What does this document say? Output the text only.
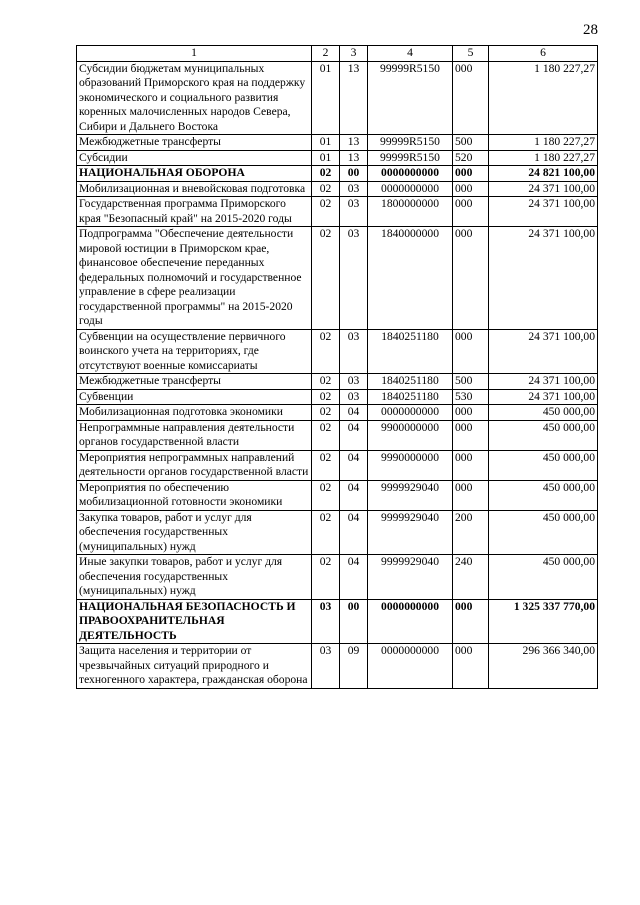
28
1	2	3	4	5	6
Субсидии бюджетам муниципальных образований Приморского края на поддержку экономического и социального развития коренных малочисленных народов Севера, Сибири и Дальнего Востока	01	13	99999R5150	000	1 180 227,27
Межбюджетные трансферты	01	13	99999R5150	500	1 180 227,27
Субсидии	01	13	99999R5150	520	1 180 227,27
НАЦИОНАЛЬНАЯ ОБОРОНА	02	00	0000000000	000	24 821 100,00
Мобилизационная и вневойсковая подготовка	02	03	0000000000	000	24 371 100,00
Государственная программа Приморского края "Безопасный край" на 2015-2020 годы	02	03	1800000000	000	24 371 100,00
Подпрограмма "Обеспечение деятельности мировой юстиции в Приморском крае, финансовое обеспечение переданных федеральных полномочий и государственное управление в сфере реализации государственной программы" на 2015-2020 годы	02	03	1840000000	000	24 371 100,00
Субвенции на осуществление первичного воинского учета на территориях, где отсутствуют военные комиссариаты	02	03	1840251180	000	24 371 100,00
Межбюджетные трансферты	02	03	1840251180	500	24 371 100,00
Субвенции	02	03	1840251180	530	24 371 100,00
Мобилизационная подготовка экономики	02	04	0000000000	000	450 000,00
Непрограммные направления деятельности органов государственной власти	02	04	9900000000	000	450 000,00
Мероприятия непрограммных направлений деятельности органов государственной власти	02	04	9990000000	000	450 000,00
Мероприятия по обеспечению мобилизационной готовности экономики	02	04	9999929040	000	450 000,00
Закупка товаров, работ и услуг для обеспечения государственных (муниципальных) нужд	02	04	9999929040	200	450 000,00
Иные закупки товаров, работ и услуг для обеспечения государственных (муниципальных) нужд	02	04	9999929040	240	450 000,00
НАЦИОНАЛЬНАЯ БЕЗОПАСНОСТЬ И ПРАВООХРАНИТЕЛЬНАЯ ДЕЯТЕЛЬНОСТЬ	03	00	0000000000	000	1 325 337 770,00
Защита населения и территории от чрезвычайных ситуаций природного и техногенного характера, гражданская оборона	03	09	0000000000	000	296 366 340,00
